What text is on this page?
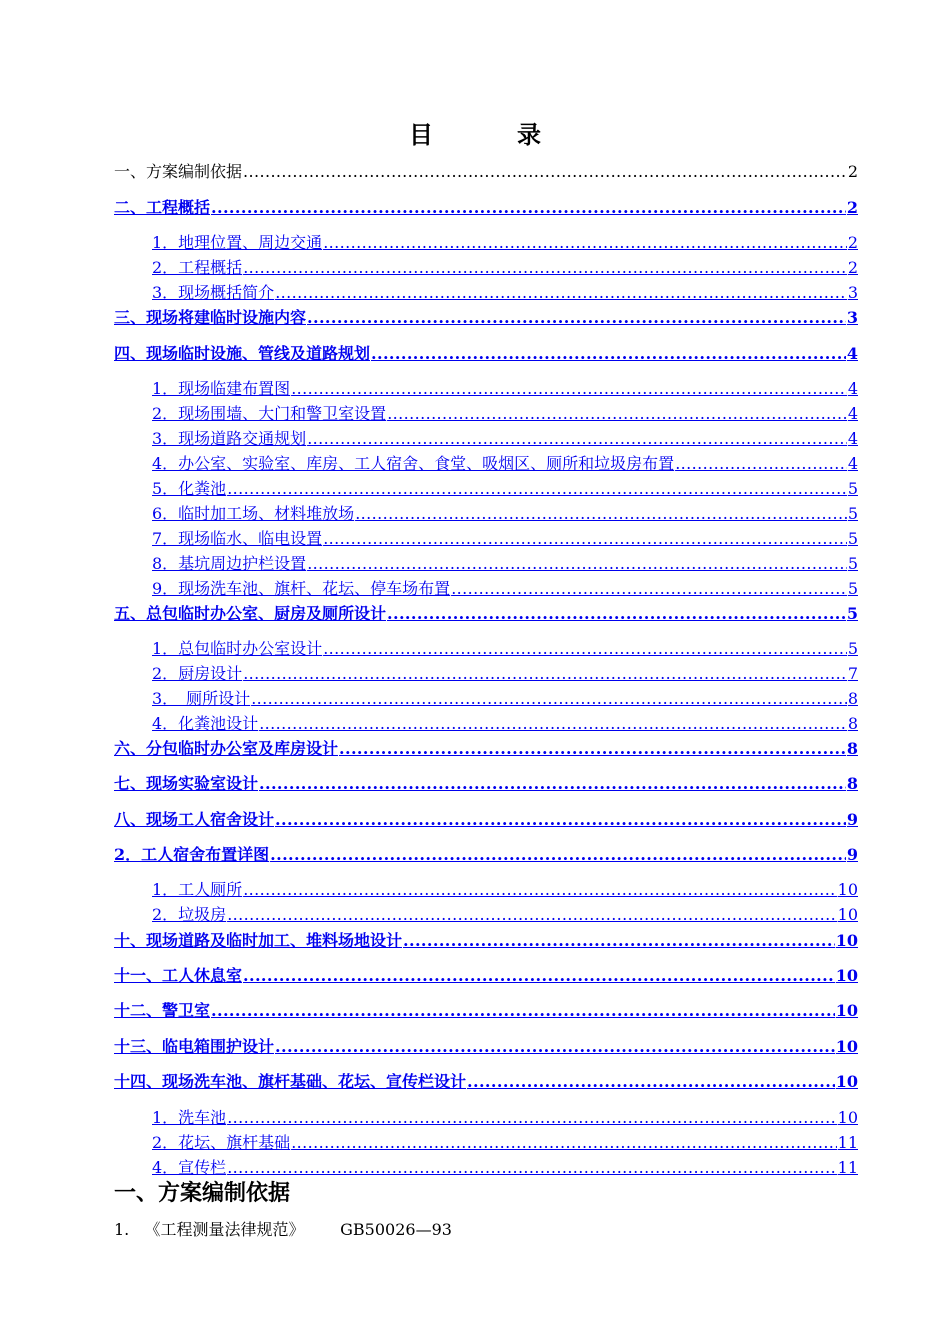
目　录
一、方案编制依据 .....	2
二、工程概括 .....	2
1．地理位置、周边交通 .....	2
2．工程概括 .....	2
3．现场概括简介 .....	3
三、现场将建临时设施内容 .....	3
四、现场临时设施、管线及道路规划 .....	4
1．现场临建布置图 .....	4
2．现场围墙、大门和警卫室设置 .....	4
3．现场道路交通规划 .....	4
4．办公室、实验室、库房、工人宿舍、食堂、吸烟区、厕所和垃圾房布置 .....	4
5．化粪池 .....	5
6．临时加工场、材料堆放场 .....	5
7．现场临水、临电设置 .....	5
8．基坑周边护栏设置 .....	5
9．现场洗车池、旗杆、花坛、停车场布置 .....	5
五、总包临时办公室、厨房及厕所设计 .....	5
1．总包临时办公室设计 .....	5
2．厨房设计 .....	7
3．　厕所设计 .....	8
4．化粪池设计 .....	8
六、分包临时办公室及库房设计 .....	8
七、现场实验室设计 .....	8
八、现场工人宿舍设计 .....	9
2．工人宿舍布置详图 .....	9
1．工人厕所 .....	10
2．垃圾房 .....	10
十、现场道路及临时加工、堆料场地设计 .....	10
十一、工人休息室 .....	10
十二、警卫室 .....	10
十三、临电箱围护设计 .....	10
十四、现场洗车池、旗杆基础、花坛、宣传栏设计 .....	10
1．洗车池 .....	10
2．花坛、旗杆基础 .....	11
4．宣传栏 .....	11
一、方案编制依据
1.   《工程测量法律规范》       GB50026—93
